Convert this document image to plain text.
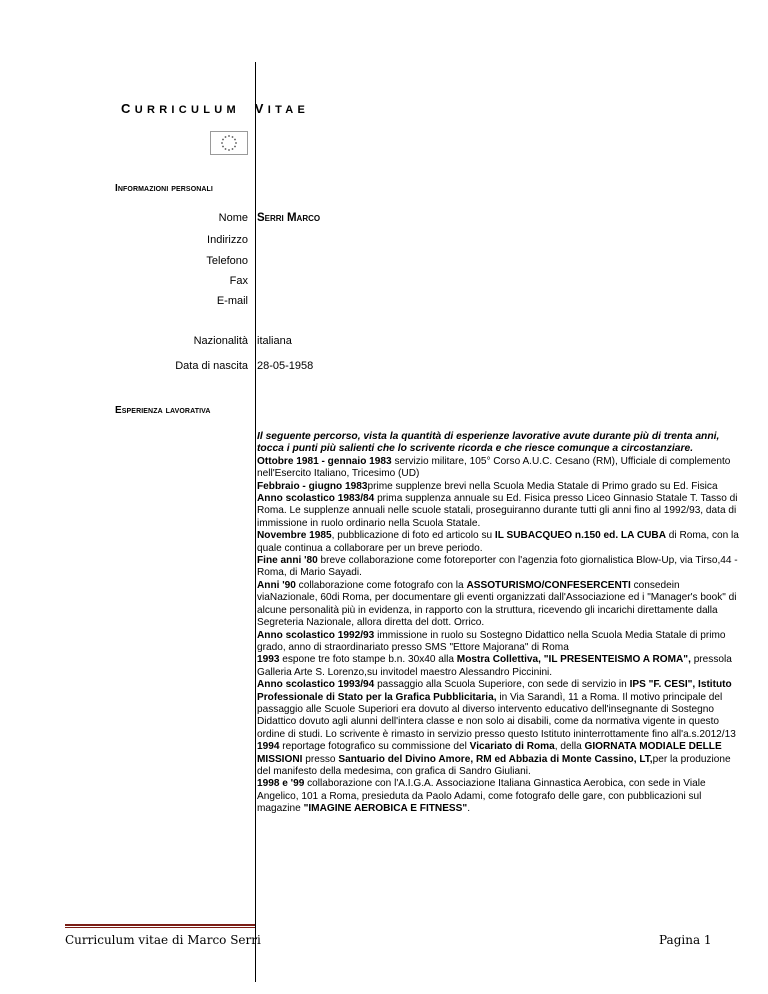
CURRICULUM VITAE
Informazioni personali
Nome Serri Marco
Indirizzo
Telefono
Fax
E-mail
Nazionalità italiana
Data di nascita 28-05-1958
Esperienza lavorativa

Il seguente percorso, vista la quantità di esperienze lavorative avute durante più di trenta anni, tocca i punti più salienti che lo scrivente ricorda e che riesce comunque a circostanziare.

Ottobre 1981 - gennaio 1983 servizio militare, 105° Corso A.U.C. Cesano (RM), Ufficiale di complemento nell'Esercito Italiano, Tricesimo (UD)

Febbraio - giugno 1983prime supplenze brevi nella Scuola Media Statale di Primo grado su Ed. Fisica

Anno scolastico 1983/84 prima supplenza annuale su Ed. Fisica presso Liceo Ginnasio Statale T. Tasso di Roma. Le supplenze annuali nelle scuole statali, proseguiranno durante tutti gli anni fino al 1992/93, data di immissione in ruolo ordinario nella Scuola Statale.

Novembre 1985, pubblicazione di foto ed articolo su IL SUBACQUEO n.150 ed. LA CUBA di Roma, con la quale continua a collaborare per un breve periodo.

Fine anni '80 breve collaborazione come fotoreporter con l'agenzia foto giornalistica Blow-Up, via Tirso,44 - Roma, di Mario Sayadi.

Anni '90 collaborazione come fotografo con la ASSOTURISMO/CONFESERCENTI consedein viaNazionale, 60di Roma, per documentare gli eventi organizzati dall'Associazione ed i "Manager's book" di alcune personalità più in evidenza, in rapporto con la struttura, ricevendo gli incarichi direttamente dalla Segreteria Nazionale, allora diretta del dott. Orrico.

Anno scolastico 1992/93 immissione in ruolo su Sostegno Didattico nella Scuola Media Statale di primo grado, anno di straordinariato presso SMS "Ettore Majorana" di Roma

1993 espone tre foto stampe b.n. 30x40 alla Mostra Collettiva, "IL PRESENTEISMO A ROMA", pressola Galleria Arte S. Lorenzo,su invitodel maestro Alessandro Piccinini.

Anno scolastico 1993/94 passaggio alla Scuola Superiore, con sede di servizio in IPS "F. CESI", Istituto Professionale di Stato per la Grafica Pubblicitaria, in Via Sarandì, 11 a Roma. Il motivo principale del passaggio alle Scuole Superiori era dovuto al diverso intervento educativo dell'insegnante di Sostegno Didattico dovuto agli alunni dell'intera classe e non solo ai disabili, come da normativa vigente in questo ordine di studi. Lo scrivente è rimasto in servizio presso questo Istituto ininterrottamente fino all'a.s.2012/13

1994 reportage fotografico su commissione del Vicariato di Roma, della GIORNATA MODIALE DELLE MISSIONI presso Santuario del Divino Amore, RM ed Abbazia di Monte Cassino, LT,per la produzione del manifesto della medesima, con grafica di Sandro Giuliani.

1998 e '99 collaborazione con l'A.I.G.A. Associazione Italiana Ginnastica Aerobica, con sede in Viale Angelico, 101 a Roma, presieduta da Paolo Adami, come fotografo delle gare, con pubblicazioni sul magazine "IMAGINE AEROBICA E FITNESS".

Curriculum vitae di Marco Serri	Pagina 1
